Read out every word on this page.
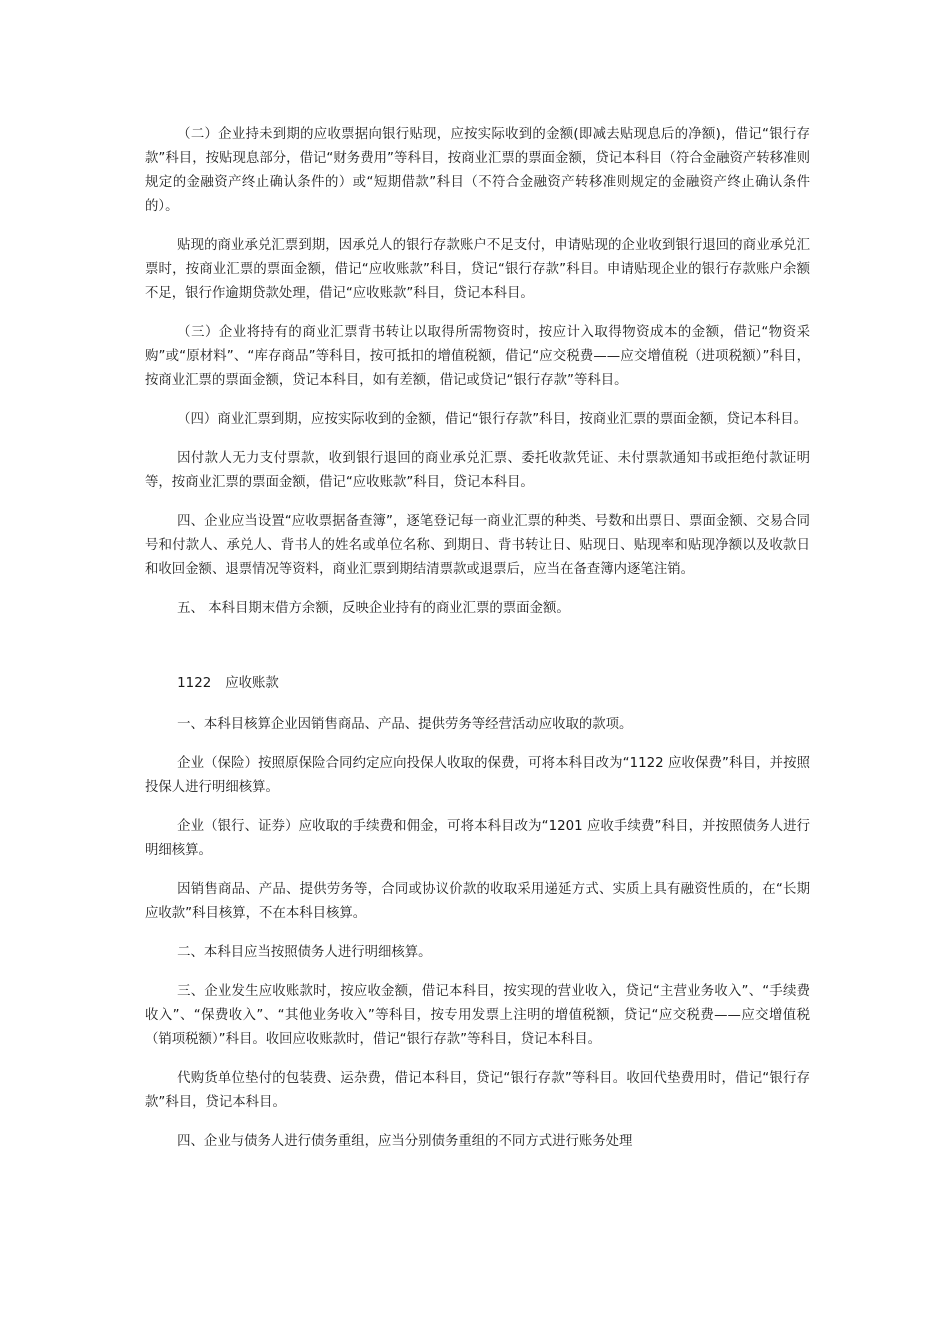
（二）企业持未到期的应收票据向银行贴现，应按实际收到的金额(即减去贴现息后的净额)，借记“银行存款”科目，按贴现息部分，借记“财务费用”等科目，按商业汇票的票面金额，贷记本科目（符合金融资产转移准则规定的金融资产终止确认条件的）或“短期借款”科目（不符合金融资产转移准则规定的金融资产终止确认条件的）。

贴现的商业承兑汇票到期，因承兑人的银行存款账户不足支付，申请贴现的企业收到银行退回的商业承兑汇票时，按商业汇票的票面金额，借记“应收账款”科目，贷记“银行存款”科目。申请贴现企业的银行存款账户余额不足，银行作逾期贷款处理，借记“应收账款”科目，贷记本科目。

（三）企业将持有的商业汇票背书转让以取得所需物资时，按应计入取得物资成本的金额，借记“物资采购”或“原材料”、“库存商品”等科目，按可抵扣的增值税额，借记“应交税费——应交增值税（进项税额）”科目，按商业汇票的票面金额，贷记本科目，如有差额，借记或贷记“银行存款”等科目。

（四）商业汇票到期，应按实际收到的金额，借记“银行存款”科目，按商业汇票的票面金额，贷记本科目。

因付款人无力支付票款，收到银行退回的商业承兑汇票、委托收款凭证、未付票款通知书或拒绝付款证明等，按商业汇票的票面金额，借记“应收账款”科目，贷记本科目。

四、企业应当设置“应收票据备查簿”，逐笔登记每一商业汇票的种类、号数和出票日、票面金额、交易合同号和付款人、承兑人、背书人的姓名或单位名称、到期日、背书转让日、贴现日、贴现率和贴现净额以及收款日和收回金额、退票情况等资料，商业汇票到期结清票款或退票后，应当在备查簿内逐笔注销。

五、 本科目期末借方余额，反映企业持有的商业汇票的票面金额。

1122 应收账款

一、本科目核算企业因销售商品、产品、提供劳务等经营活动应收取的款项。

企业（保险）按照原保险合同约定应向投保人收取的保费，可将本科目改为“1122 应收保费”科目，并按照投保人进行明细核算。

企业（银行、证券）应收取的手续费和佣金，可将本科目改为“1201 应收手续费”科目，并按照债务人进行明细核算。

因销售商品、产品、提供劳务等，合同或协议价款的收取采用递延方式、实质上具有融资性质的，在“长期应收款”科目核算，不在本科目核算。

二、本科目应当按照债务人进行明细核算。

三、企业发生应收账款时，按应收金额，借记本科目，按实现的营业收入，贷记“主营业务收入”、“手续费收入”、“保费收入”、“其他业务收入”等科目，按专用发票上注明的增值税额，贷记“应交税费——应交增值税（销项税额）”科目。收回应收账款时，借记“银行存款”等科目，贷记本科目。

代购货单位垫付的包装费、运杂费，借记本科目，贷记“银行存款”等科目。收回代垫费用时，借记“银行存款”科目，贷记本科目。

四、企业与债务人进行债务重组，应当分别债务重组的不同方式进行账务处理
